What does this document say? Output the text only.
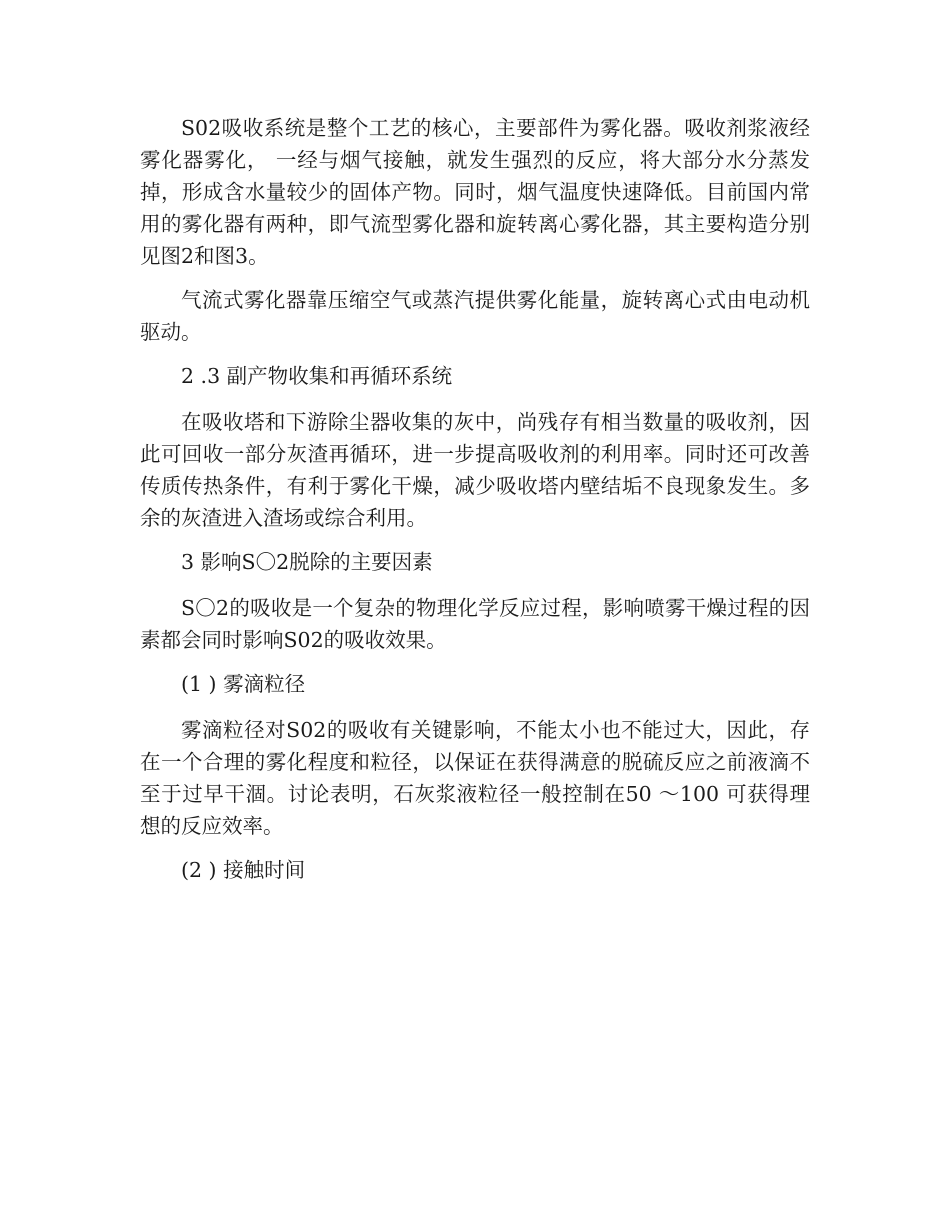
S02吸收系统是整个工艺的核心，主要部件为雾化器。吸收剂浆液经雾化器雾化， 一经与烟气接触，就发生强烈的反应，将大部分水分蒸发掉，形成含水量较少的固体产物。同时，烟气温度快速降低。目前国内常用的雾化器有两种，即气流型雾化器和旋转离心雾化器，其主要构造分别见图2和图3。

气流式雾化器靠压缩空气或蒸汽提供雾化能量，旋转离心式由电动机驱动。

2 .3 副产物收集和再循环系统

在吸收塔和下游除尘器收集的灰中，尚残存有相当数量的吸收剂，因此可回收一部分灰渣再循环，进一步提高吸收剂的利用率。同时还可改善传质传热条件，有利于雾化干燥，减少吸收塔内壁结垢不良现象发生。多余的灰渣进入渣场或综合利用。

3 影响S〇2脱除的主要因素

S〇2的吸收是一个复杂的物理化学反应过程，影响喷雾干燥过程的因素都会同时影响S02的吸收效果。

(1 ) 雾滴粒径

雾滴粒径对S02的吸收有关键影响，不能太小也不能过大，因此，存在一个合理的雾化程度和粒径，以保证在获得满意的脱硫反应之前液滴不至于过早干涸。讨论表明，石灰浆液粒径一般控制在50 〜100 可获得理想的反应效率。

(2 ) 接触时间
